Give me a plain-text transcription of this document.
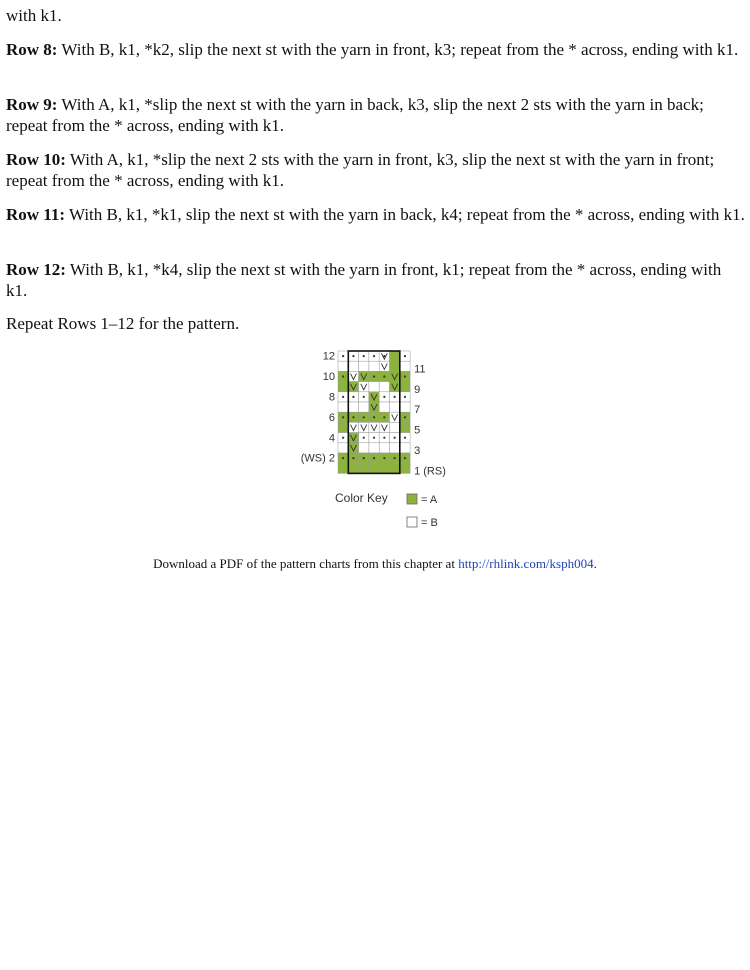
with k1.

Row 8: With B, k1, *k2, slip the next st with the yarn in front, k3; repeat from the * across, ending with k1.

Row 9: With A, k1, *slip the next st with the yarn in back, k3, slip the next 2 sts with the yarn in back; repeat from the * across, ending with k1.

Row 10: With A, k1, *slip the next 2 sts with the yarn in front, k3, slip the next st with the yarn in front; repeat from the * across, ending with k1.

Row 11: With B, k1, *k1, slip the next st with the yarn in back, k4; repeat from the * across, ending with k1.

Row 12: With B, k1, *k4, slip the next st with the yarn in front, k1; repeat from the * across, ending with k1.

Repeat Rows 1–12 for the pattern.

12
10
8
6
4
(WS) 2
11
9
7
5
3
1 (RS)
Color Key	= A
= B

Download a PDF of the pattern charts from this chapter at http://rhlink.com/ksph004.
